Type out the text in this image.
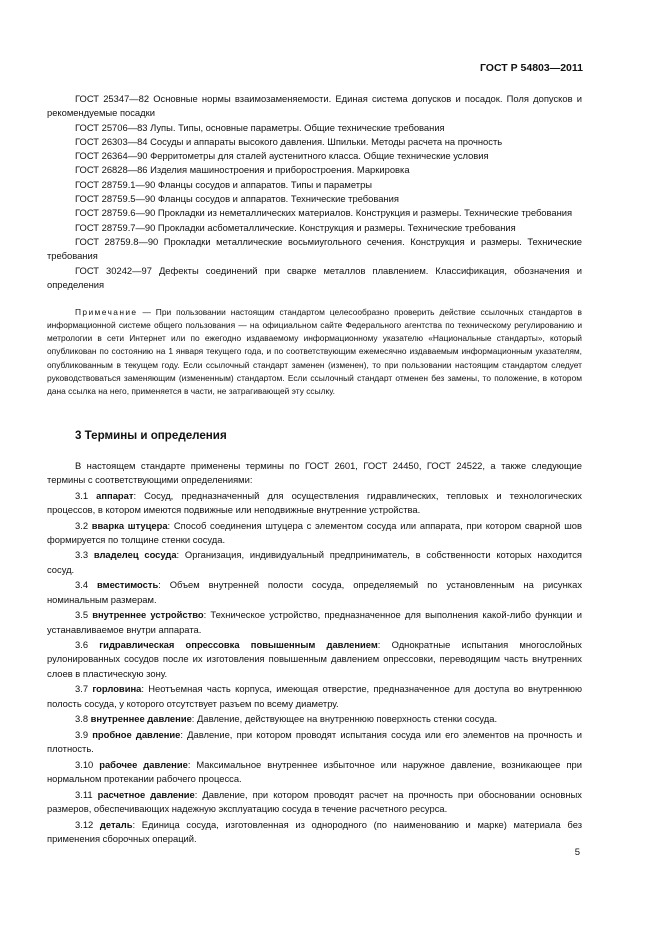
ГОСТ Р 54803—2011

ГОСТ 25347—82 Основные нормы взаимозаменяемости. Единая система допусков и посадок. Поля допусков и рекомендуемые посадки

ГОСТ 25706—83 Лупы. Типы, основные параметры. Общие технические требования

ГОСТ 26303—84 Сосуды и аппараты высокого давления. Шпильки. Методы расчета на прочность

ГОСТ 26364—90 Ферритометры для сталей аустенитного класса. Общие технические условия

ГОСТ 26828—86 Изделия машиностроения и приборостроения. Маркировка

ГОСТ 28759.1—90 Фланцы сосудов и аппаратов. Типы и параметры

ГОСТ 28759.5—90 Фланцы сосудов и аппаратов. Технические требования

ГОСТ 28759.6—90 Прокладки из неметаллических материалов. Конструкция и размеры. Технические требования

ГОСТ 28759.7—90 Прокладки асбометаллические. Конструкция и размеры. Технические требования

ГОСТ 28759.8—90 Прокладки металлические восьмиугольного сечения. Конструкция и размеры. Технические требования

ГОСТ 30242—97 Дефекты соединений при сварке металлов плавлением. Классификация, обозначения и определения

Примечание — При пользовании настоящим стандартом целесообразно проверить действие ссылочных стандартов в информационной системе общего пользования — на официальном сайте Федерального агентства по техническому регулированию и метрологии в сети Интернет или по ежегодно издаваемому информационному указателю «Национальные стандарты», который опубликован по состоянию на 1 января текущего года, и по соответствующим ежемесячно издаваемым информационным указателям, опубликованным в текущем году. Если ссылочный стандарт заменен (изменен), то при пользовании настоящим стандартом следует руководствоваться заменяющим (измененным) стандартом. Если ссылочный стандарт отменен без замены, то положение, в котором дана ссылка на него, применяется в части, не затрагивающей эту ссылку.

3 Термины и определения

В настоящем стандарте применены термины по ГОСТ 2601, ГОСТ 24450, ГОСТ 24522, а также следующие термины с соответствующими определениями:

3.1 аппарат: Сосуд, предназначенный для осуществления гидравлических, тепловых и технологических процессов, в котором имеются подвижные или неподвижные внутренние устройства.

3.2 вварка штуцера: Способ соединения штуцера с элементом сосуда или аппарата, при котором сварной шов формируется по толщине стенки сосуда.

3.3 владелец сосуда: Организация, индивидуальный предприниматель, в собственности которых находится сосуд.

3.4 вместимость: Объем внутренней полости сосуда, определяемый по установленным на рисунках номинальным размерам.

3.5 внутреннее устройство: Техническое устройство, предназначенное для выполнения какой-либо функции и устанавливаемое внутри аппарата.

3.6 гидравлическая опрессовка повышенным давлением: Однократные испытания многослойных рулонированных сосудов после их изготовления повышенным давлением опрессовки, переводящим часть внутренних слоев в пластическую зону.

3.7 горловина: Неотъемная часть корпуса, имеющая отверстие, предназначенное для доступа во внутреннюю полость сосуда, у которого отсутствует разъем по всему диаметру.

3.8 внутреннее давление: Давление, действующее на внутреннюю поверхность стенки сосуда.

3.9 пробное давление: Давление, при котором проводят испытания сосуда или его элементов на прочность и плотность.

3.10 рабочее давление: Максимальное внутреннее избыточное или наружное давление, возникающее при нормальном протекании рабочего процесса.

3.11 расчетное давление: Давление, при котором проводят расчет на прочность при обосновании основных размеров, обеспечивающих надежную эксплуатацию сосуда в течение расчетного ресурса.

3.12 деталь: Единица сосуда, изготовленная из однородного (по наименованию и марке) материала без применения сборочных операций.

5
